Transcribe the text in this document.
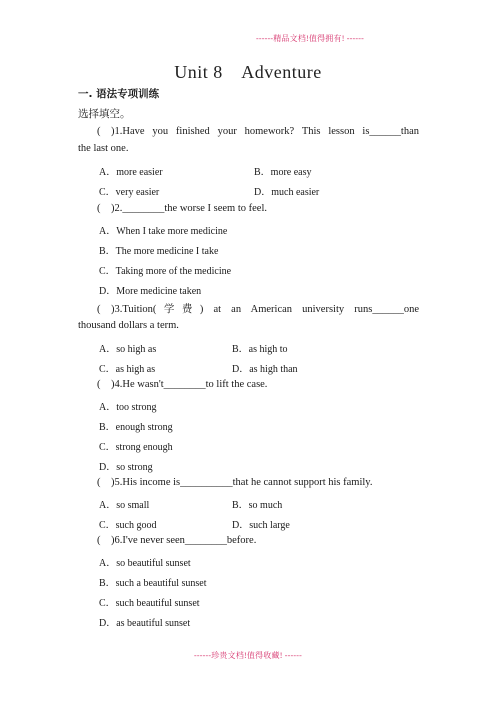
------精品文档!值得拥有! ------
Unit 8 Adventure
一. 语法专项训练
选择填空。
( )1.Have you finished your homework? This lesson is______than
the last one.
A．more easier	B．more easy
C．very easier	D．much easier
( )2.________the worse I seem to feel.
A．When I take more medicine
B．The more medicine I take
C．Taking more of the medicine
D．More medicine taken
( )3.Tuition(学费) at an American university runs______one
thousand dollars a term.
A．so high as	B．as high to
C．as high as	D．as high than
( )4.He wasn't________to lift the case.
A．too strong
B．enough strong
C．strong enough
D．so strong
( )5.His income is__________that he cannot support his family.
A．so small	B．so much
C．such good	D．such large
( )6.I've never seen________before.
A．so beautiful sunset
B．such a beautiful sunset
C．such beautiful sunset
D．as beautiful sunset
------珍贵文档!值得收藏! ------
